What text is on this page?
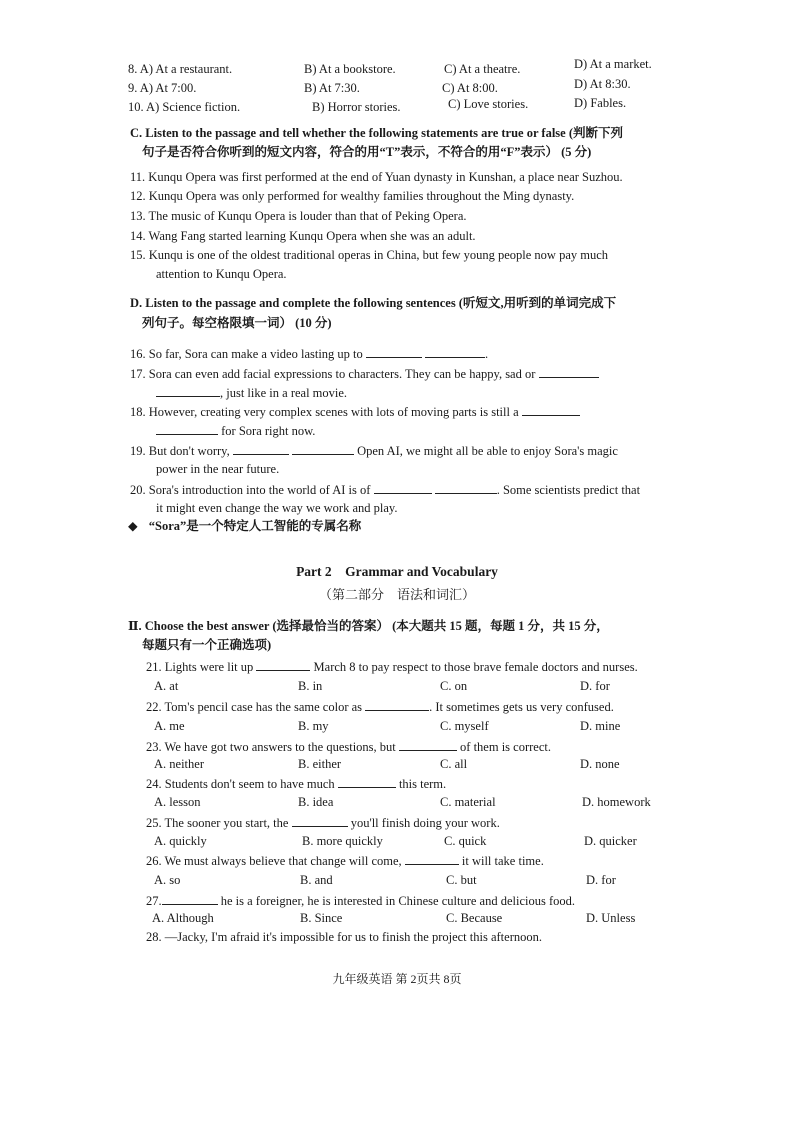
8. A) At a restaurant.	B) At a bookstore.	C) At a theatre.	D) At a market.
9. A) At 7:00.	B) At 7:30.	C) At 8:00.	D) At 8:30.
10. A) Science fiction.	B) Horror stories.	C) Love stories.	D) Fables.
C. Listen to the passage and tell whether the following statements are true or false (判断下列
句子是否符合你听到的短文内容，符合的用“T”表示，不符合的用“F”表示） (5 分)
11. Kunqu Opera was first performed at the end of Yuan dynasty in Kunshan, a place near Suzhou.
12. Kunqu Opera was only performed for wealthy families throughout the Ming dynasty.
13. The music of Kunqu Opera is louder than that of Peking Opera.
14. Wang Fang started learning Kunqu Opera when she was an adult.
15. Kunqu is one of the oldest traditional operas in China, but few young people now pay much
attention to Kunqu Opera.
D. Listen to the passage and complete the following sentences (听短文,用听到的单词完成下
列句子。每空格限填一词） (10 分)
16. So far, Sora can make a video lasting up to	.
17. Sora can even add facial expressions to characters. They can be happy, sad or
, just like in a real movie.
18. However, creating very complex scenes with lots of moving parts is still a
for Sora right now.
19. But don't worry,	Open AI, we might all be able to enjoy Sora's magic
power in the near future.
20. Sora's introduction into the world of AI is of	. Some scientists predict that
it might even change the way we work and play.
◆ “Sora”是一个特定人工智能的专属名称
Part 2    Grammar and Vocabulary
（第二部分    语法和词汇）
Ⅱ. Choose the best answer (选择最恰当的答案） (本大题共 15 题，每题 1 分，共 15 分，
每题只有一个正确选项)
21. Lights were lit up	March 8 to pay respect to those brave female doctors and nurses.
A. at	B. in	C. on	D. for
22. Tom's pencil case has the same color as	. It sometimes gets us very confused.
A. me	B. my	C. myself	D. mine
23. We have got two answers to the questions, but	of them is correct.
A. neither	B. either	C. all	D. none
24. Students don't seem to have much	this term.
A. lesson	B. idea	C. material	D. homework
25. The sooner you start, the	you'll finish doing your work.
A. quickly	B. more quickly	C. quick	D. quicker
26. We must always believe that change will come,	it will take time.
A. so	B. and	C. but	D. for
27.	he is a foreigner, he is interested in Chinese culture and delicious food.
A. Although	B. Since	C. Because	D. Unless
28. —Jacky, I'm afraid it's impossible for us to finish the project this afternoon.
九年级英语 第 2页共 8页
